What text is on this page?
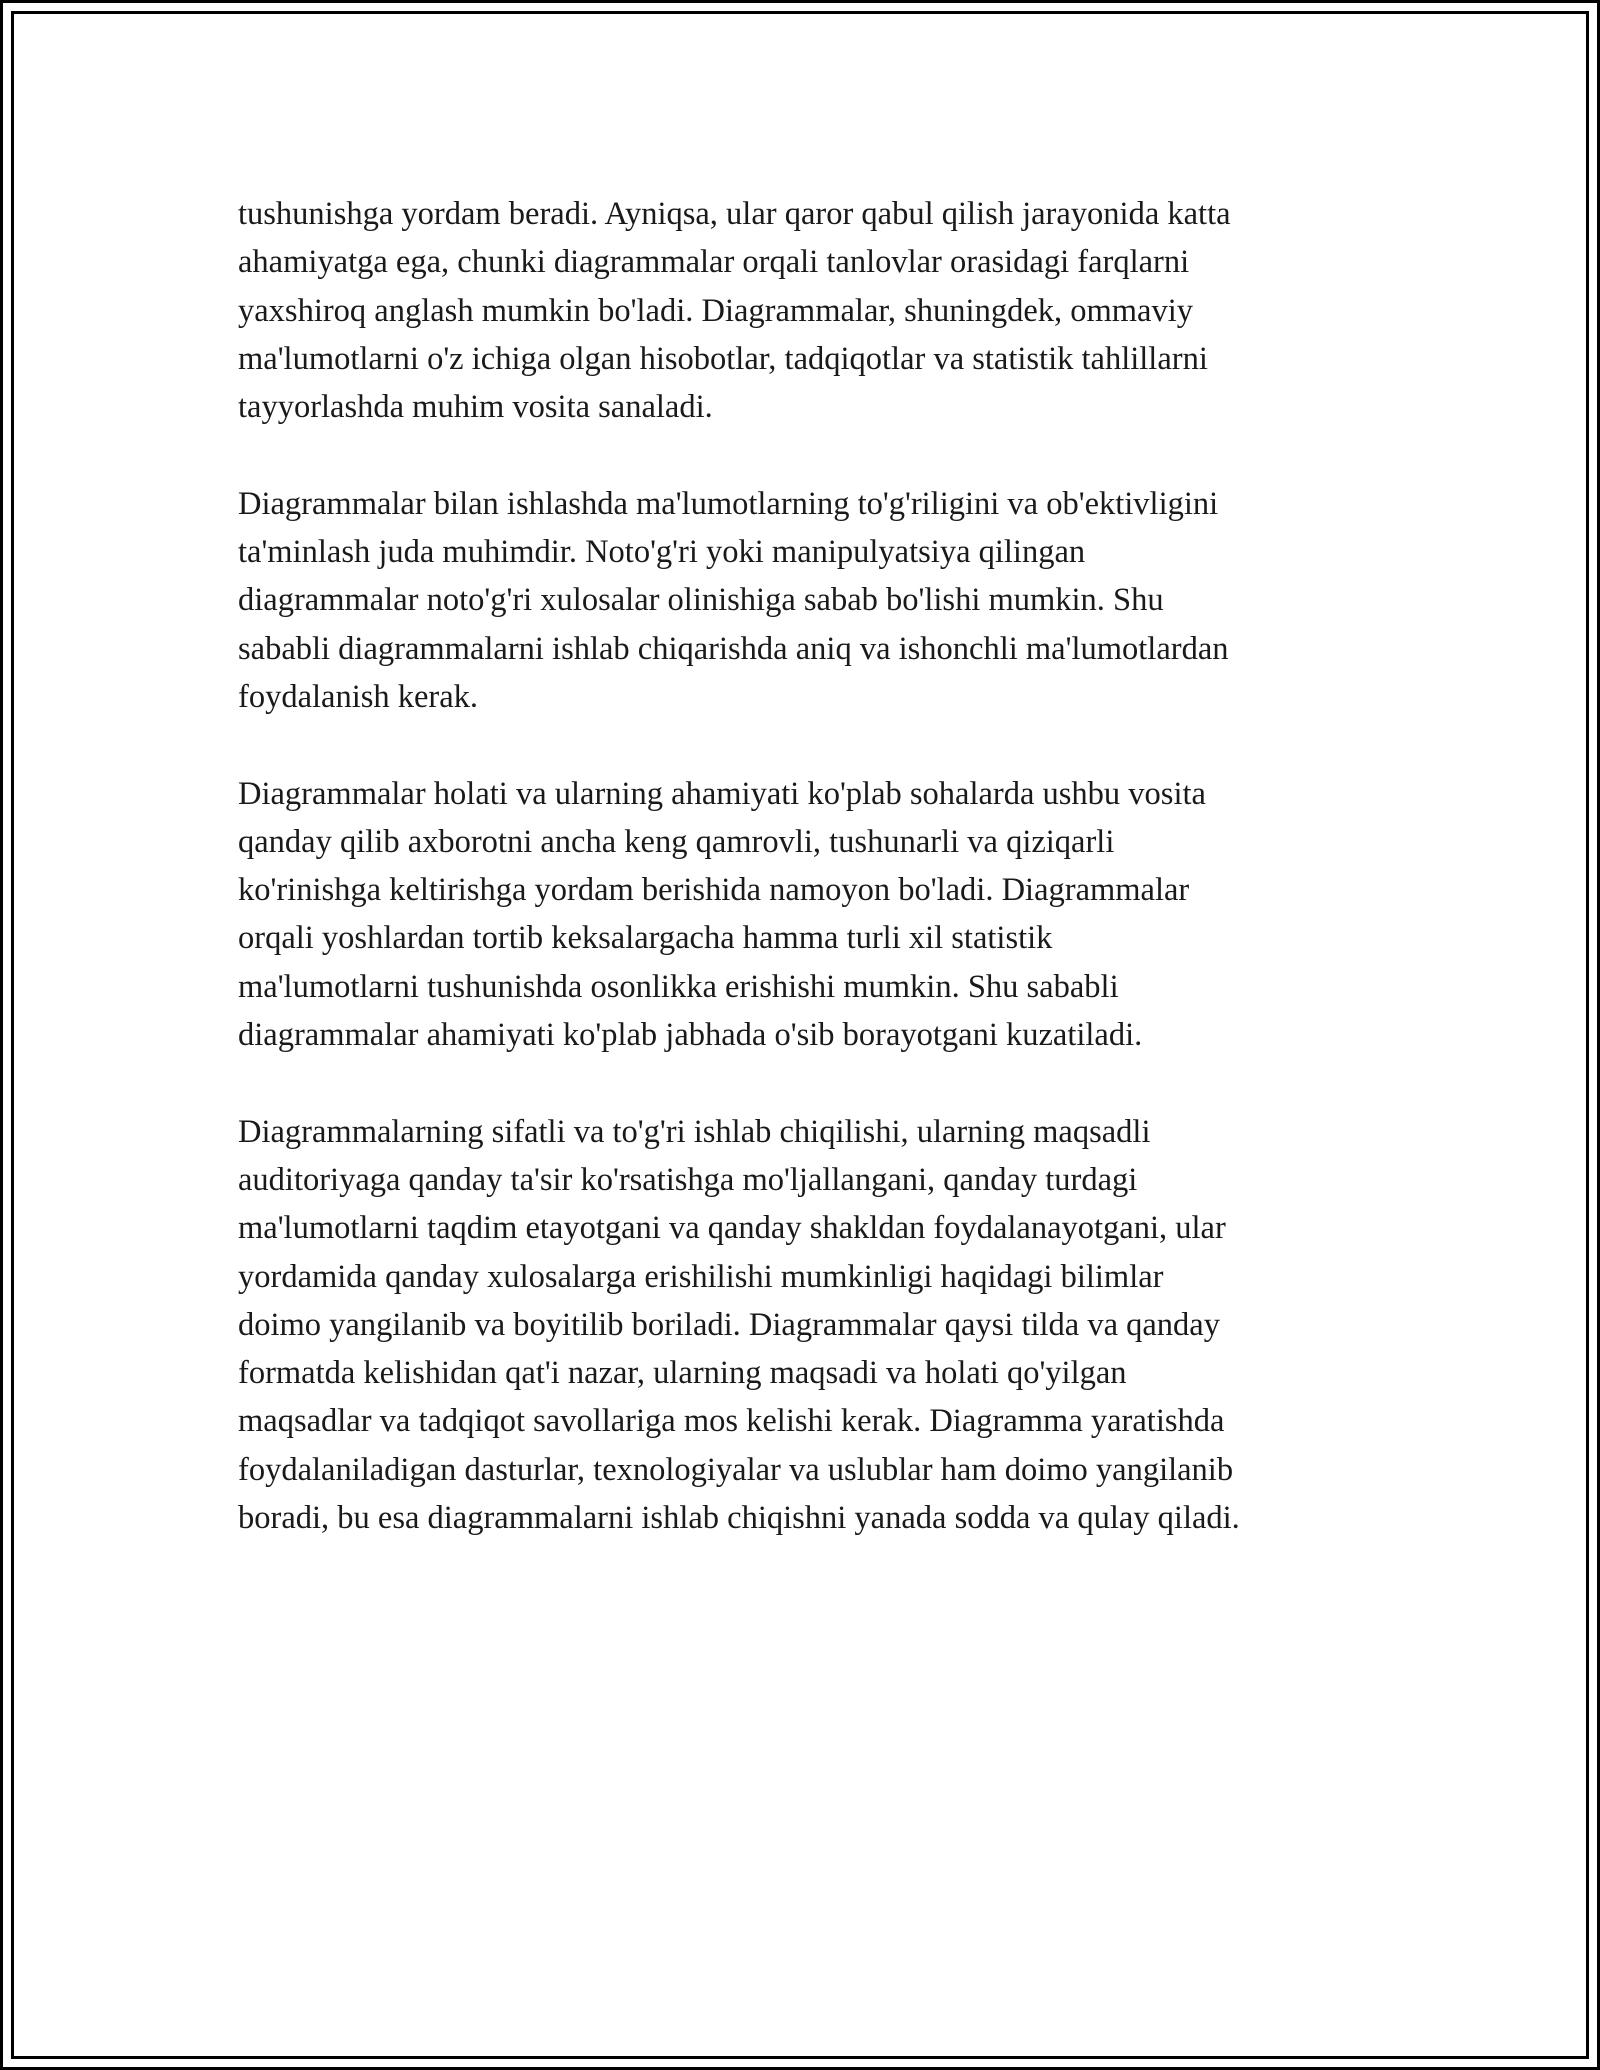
tushunishga yordam beradi. Ayniqsa, ular qaror qabul qilish jarayonida katta
ahamiyatga ega, chunki diagrammalar orqali tanlovlar orasidagi farqlarni
yaxshiroq anglash mumkin bo'ladi. Diagrammalar, shuningdek, ommaviy
ma'lumotlarni o'z ichiga olgan hisobotlar, tadqiqotlar va statistik tahlillarni
tayyorlashda muhim vosita sanaladi.

Diagrammalar bilan ishlashda ma'lumotlarning to'g'riligini va ob'ektivligini
ta'minlash juda muhimdir. Noto'g'ri yoki manipulyatsiya qilingan
diagrammalar noto'g'ri xulosalar olinishiga sabab bo'lishi mumkin. Shu
sababli diagrammalarni ishlab chiqarishda aniq va ishonchli ma'lumotlardan
foydalanish kerak.

Diagrammalar holati va ularning ahamiyati ko'plab sohalarda ushbu vosita
qanday qilib axborotni ancha keng qamrovli, tushunarli va qiziqarli
ko'rinishga keltirishga yordam berishida namoyon bo'ladi. Diagrammalar
orqali yoshlardan tortib keksalargacha hamma turli xil statistik
ma'lumotlarni tushunishda osonlikka erishishi mumkin. Shu sababli
diagrammalar ahamiyati ko'plab jabhada o'sib borayotgani kuzatiladi.

Diagrammalarning sifatli va to'g'ri ishlab chiqilishi, ularning maqsadli
auditoriyaga qanday ta'sir ko'rsatishga mo'ljallangani, qanday turdagi
ma'lumotlarni taqdim etayotgani va qanday shakldan foydalanayotgani, ular
yordamida qanday xulosalarga erishilishi mumkinligi haqidagi bilimlar
doimo yangilanib va boyitilib boriladi. Diagrammalar qaysi tilda va qanday
formatda kelishidan qat'i nazar, ularning maqsadi va holati qo'yilgan
maqsadlar va tadqiqot savollariga mos kelishi kerak. Diagramma yaratishda
foydalaniladigan dasturlar, texnologiyalar va uslublar ham doimo yangilanib
boradi, bu esa diagrammalarni ishlab chiqishni yanada sodda va qulay qiladi.
